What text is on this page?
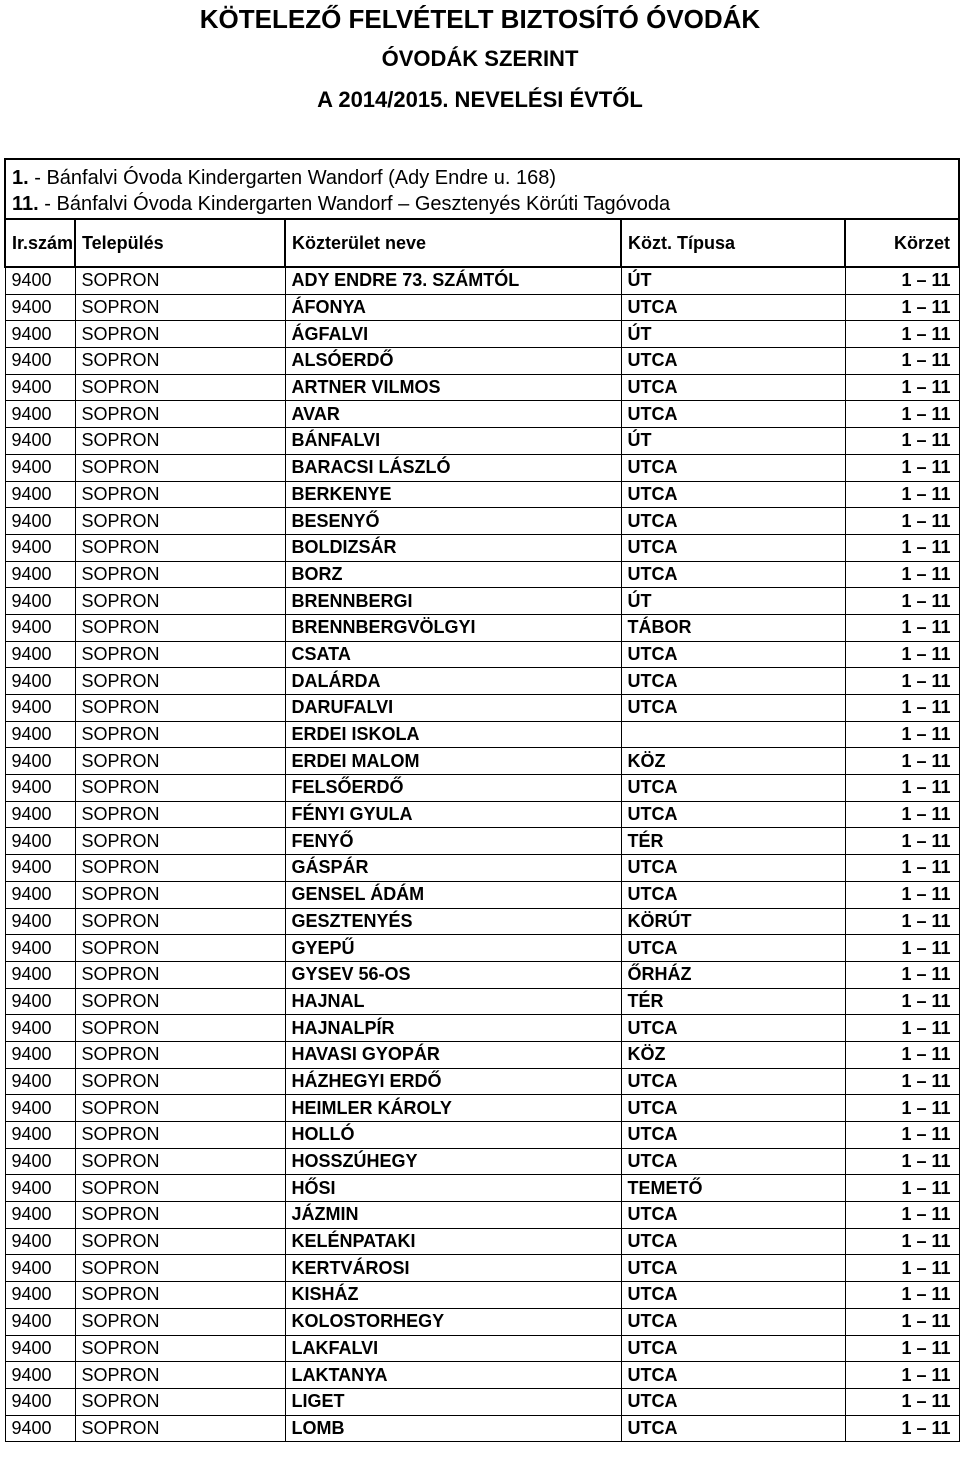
KÖTELEZŐ FELVÉTELT BIZTOSÍTÓ ÓVODÁK
ÓVODÁK SZERINT
A 2014/2015. NEVELÉSI ÉVTŐL
1. - Bánfalvi Óvoda Kindergarten Wandorf (Ady Endre u. 168)				
11. - Bánfalvi Óvoda Kindergarten Wandorf – Gesztenyés Körúti Tagóvoda				
Ir.szám	Település	Közterület neve	Közt. Típusa	Körzet
9400	SOPRON	ADY ENDRE 73. SZÁMTÓL	ÚT	1 – 11
9400	SOPRON	ÁFONYA	UTCA	1 – 11
9400	SOPRON	ÁGFALVI	ÚT	1 – 11
9400	SOPRON	ALSÓERDŐ	UTCA	1 – 11
9400	SOPRON	ARTNER VILMOS	UTCA	1 – 11
9400	SOPRON	AVAR	UTCA	1 – 11
9400	SOPRON	BÁNFALVI	ÚT	1 – 11
9400	SOPRON	BARACSI LÁSZLÓ	UTCA	1 – 11
9400	SOPRON	BERKENYE	UTCA	1 – 11
9400	SOPRON	BESENYŐ	UTCA	1 – 11
9400	SOPRON	BOLDIZSÁR	UTCA	1 – 11
9400	SOPRON	BORZ	UTCA	1 – 11
9400	SOPRON	BRENNBERGI	ÚT	1 – 11
9400	SOPRON	BRENNBERGVÖLGYI	TÁBOR	1 – 11
9400	SOPRON	CSATA	UTCA	1 – 11
9400	SOPRON	DALÁRDA	UTCA	1 – 11
9400	SOPRON	DARUFALVI	UTCA	1 – 11
9400	SOPRON	ERDEI ISKOLA		1 – 11
9400	SOPRON	ERDEI MALOM	KÖZ	1 – 11
9400	SOPRON	FELSŐERDŐ	UTCA	1 – 11
9400	SOPRON	FÉNYI GYULA	UTCA	1 – 11
9400	SOPRON	FENYŐ	TÉR	1 – 11
9400	SOPRON	GÁSPÁR	UTCA	1 – 11
9400	SOPRON	GENSEL ÁDÁM	UTCA	1 – 11
9400	SOPRON	GESZTENYÉS	KÖRÚT	1 – 11
9400	SOPRON	GYEPŰ	UTCA	1 – 11
9400	SOPRON	GYSEV 56-OS	ŐRHÁZ	1 – 11
9400	SOPRON	HAJNAL	TÉR	1 – 11
9400	SOPRON	HAJNALPÍR	UTCA	1 – 11
9400	SOPRON	HAVASI GYOPÁR	KÖZ	1 – 11
9400	SOPRON	HÁZHEGYI ERDŐ	UTCA	1 – 11
9400	SOPRON	HEIMLER KÁROLY	UTCA	1 – 11
9400	SOPRON	HOLLÓ	UTCA	1 – 11
9400	SOPRON	HOSSZÚHEGY	UTCA	1 – 11
9400	SOPRON	HŐSI	TEMETŐ	1 – 11
9400	SOPRON	JÁZMIN	UTCA	1 – 11
9400	SOPRON	KELÉNPATAKI	UTCA	1 – 11
9400	SOPRON	KERTVÁROSI	UTCA	1 – 11
9400	SOPRON	KISHÁZ	UTCA	1 – 11
9400	SOPRON	KOLOSTORHEGY	UTCA	1 – 11
9400	SOPRON	LAKFALVI	UTCA	1 – 11
9400	SOPRON	LAKTANYA	UTCA	1 – 11
9400	SOPRON	LIGET	UTCA	1 – 11
9400	SOPRON	LOMB	UTCA	1 – 11
